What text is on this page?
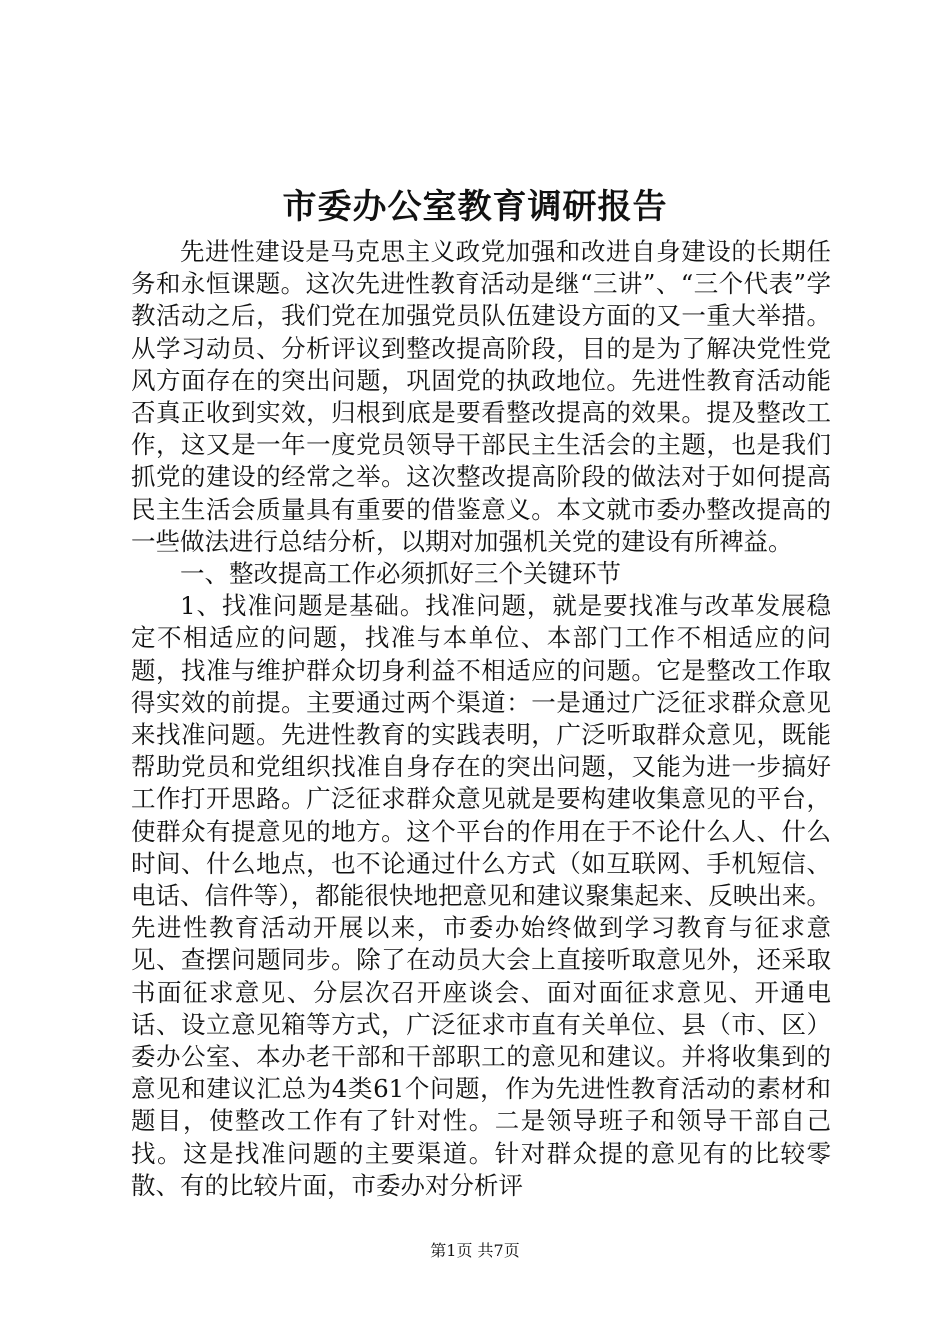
市委办公室教育调研报告

先进性建设是马克思主义政党加强和改进自身建设的长期任务和永恒课题。这次先进性教育活动是继“三讲”、“三个代表”学教活动之后，我们党在加强党员队伍建设方面的又一重大举措。从学习动员、分析评议到整改提高阶段，目的是为了解决党性党风方面存在的突出问题，巩固党的执政地位。先进性教育活动能否真正收到实效，归根到底是要看整改提高的效果。提及整改工作，这又是一年一度党员领导干部民主生活会的主题，也是我们抓党的建设的经常之举。这次整改提高阶段的做法对于如何提高民主生活会质量具有重要的借鉴意义。本文就市委办整改提高的一些做法进行总结分析，以期对加强机关党的建设有所裨益。

一、整改提高工作必须抓好三个关键环节

1、找准问题是基础。找准问题，就是要找准与改革发展稳定不相适应的问题，找准与本单位、本部门工作不相适应的问题，找准与维护群众切身利益不相适应的问题。它是整改工作取得实效的前提。主要通过两个渠道：一是通过广泛征求群众意见来找准问题。先进性教育的实践表明，广泛听取群众意见，既能帮助党员和党组织找准自身存在的突出问题，又能为进一步搞好工作打开思路。广泛征求群众意见就是要构建收集意见的平台，使群众有提意见的地方。这个平台的作用在于不论什么人、什么时间、什么地点，也不论通过什么方式（如互联网、手机短信、电话、信件等），都能很快地把意见和建议聚集起来、反映出来。先进性教育活动开展以来，市委办始终做到学习教育与征求意见、查摆问题同步。除了在动员大会上直接听取意见外，还采取书面征求意见、分层次召开座谈会、面对面征求意见、开通电话、设立意见箱等方式，广泛征求市直有关单位、县（市、区）委办公室、本办老干部和干部职工的意见和建议。并将收集到的意见和建议汇总为4类61个问题，作为先进性教育活动的素材和题目，使整改工作有了针对性。二是领导班子和领导干部自己找。这是找准问题的主要渠道。针对群众提的意见有的比较零散、有的比较片面，市委办对分析评

第1页 共7页
